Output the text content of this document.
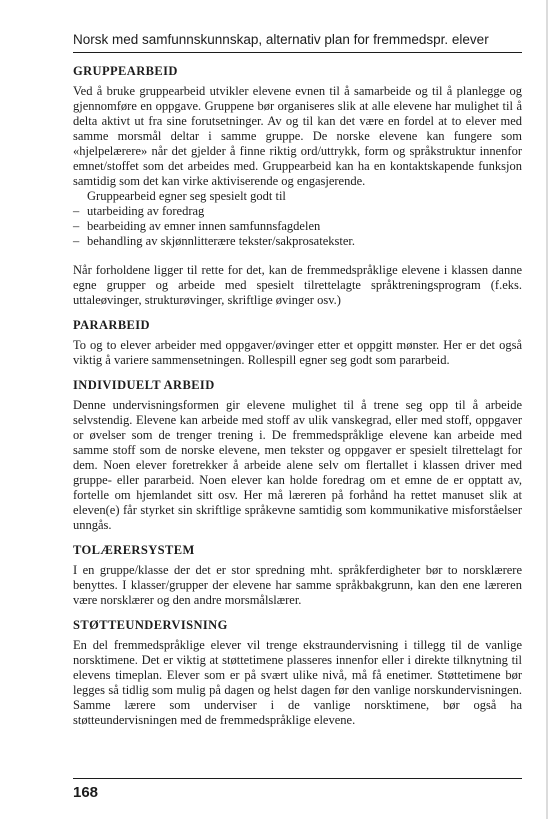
Norsk med samfunnskunnskap, alternativ plan for fremmedspr. elever
GRUPPEARBEID

Ved å bruke gruppearbeid utvikler elevene evnen til å samarbeide og til å planlegge og gjennomføre en oppgave. Gruppene bør organiseres slik at alle elevene har mulighet til å delta aktivt ut fra sine forutsetninger. Av og til kan det være en fordel at to elever med samme morsmål deltar i samme gruppe. De norske elevene kan fungere som «hjelpelærere» når det gjelder å finne riktig ord/uttrykk, form og språkstruktur innenfor emnet/stoffet som det arbeides med. Gruppearbeid kan ha en kontaktskapende funksjon samtidig som det kan virke aktiviserende og engasjerende.

Gruppearbeid egner seg spesielt godt til

– utarbeiding av foredrag
– bearbeiding av emner innen samfunnsfagdelen
– behandling av skjønnlitterære tekster/sakprosatekster.

Når forholdene ligger til rette for det, kan de fremmedspråklige elevene i klassen danne egne grupper og arbeide med spesielt tilrettelagte språktreningsprogram (f.eks. uttaleøvinger, strukturøvinger, skriftlige øvinger osv.)

PARARBEID

To og to elever arbeider med oppgaver/øvinger etter et oppgitt mønster. Her er det også viktig å variere sammensetningen. Rollespill egner seg godt som pararbeid.

INDIVIDUELT ARBEID

Denne undervisningsformen gir elevene mulighet til å trene seg opp til å arbeide selvstendig. Elevene kan arbeide med stoff av ulik vanskegrad, eller med stoff, oppgaver or øvelser som de trenger trening i. De fremmedspråklige elevene kan arbeide med samme stoff som de norske elevene, men tekster og oppgaver er spesielt tilrettelagt for dem. Noen elever foretrekker å arbeide alene selv om flertallet i klassen driver med gruppe- eller pararbeid. Noen elever kan holde foredrag om et emne de er opptatt av, fortelle om hjemlandet sitt osv. Her må læreren på forhånd ha rettet manuset slik at eleven(e) får styrket sin skriftlige språkevne samtidig som kommunikative misforståelser unngås.

TOLÆRERSYSTEM

I en gruppe/klasse der det er stor spredning mht. språkferdigheter bør to norsklærere benyttes. I klasser/grupper der elevene har samme språkbakgrunn, kan den ene læreren være norsklærer og den andre morsmålslærer.

STØTTEUNDERVISNING

En del fremmedspråklige elever vil trenge ekstraundervisning i tillegg til de vanlige norsktimene. Det er viktig at støttetimene plasseres innenfor eller i direkte tilknytning til elevens timeplan. Elever som er på svært ulike nivå, må få enetimer. Støttetimene bør legges så tidlig som mulig på dagen og helst dagen før den vanlige norskundervisningen. Samme lærere som underviser i de vanlige norsktimene, bør også ha støtteundervisningen med de fremmedspråklige elevene.

168
